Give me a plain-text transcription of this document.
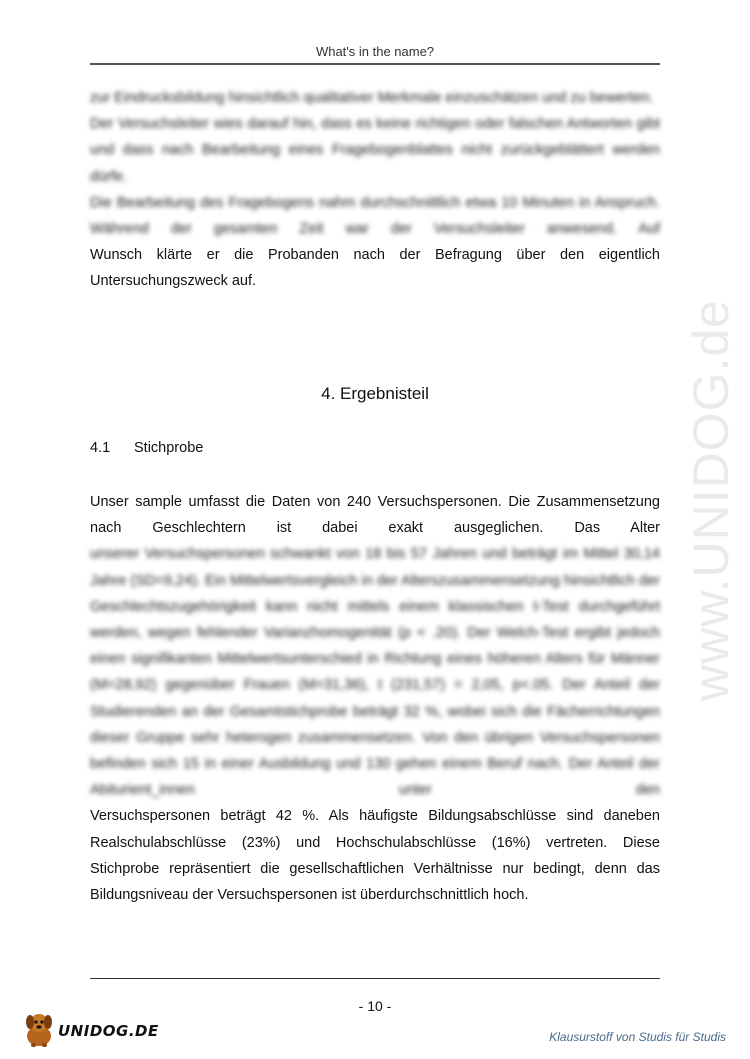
What's in the name?
www.UNIDOG.de
zur Eindrucksbildung hinsichtlich qualitativer Merkmale einzuschätzen und zu bewerten.
Der Versuchsleiter wies darauf hin, dass es keine richtigen oder falschen Antworten gibt und dass nach Bearbeitung eines Fragebogenblattes nicht zurückgeblättert werden dürfe.
Die Bearbeitung des Fragebogens nahm durchschnittlich etwa 10 Minuten in Anspruch. Während der gesamten Zeit war der Versuchsleiter anwesend. Auf
Wunsch klärte er die Probanden nach der Befragung über den eigentlich Untersuchungszweck auf.
4. Ergebnisteil
4.1 Stichprobe
Unser sample umfasst die Daten von 240 Versuchspersonen. Die Zusammensetzung nach Geschlechtern ist dabei exakt ausgeglichen. Das Alter
unserer Versuchspersonen schwankt von 18 bis 57 Jahren und beträgt im Mittel 30,14 Jahre (SD=9,24). Ein Mittelwertsvergleich in der Alterszusammensetzung hinsichtlich der Geschlechtszugehörigkeit kann nicht mittels einem klassischen t-Test durchgeführt werden, wegen fehlender Varianzhomogenität (p < .20). Der Welch-Test ergibt jedoch einen signifikanten Mittelwertsunterschied in Richtung eines höheren Alters für Männer (M=28,92) gegenüber Frauen (M=31,36), t (231,57) = 2,05, p<.05. Der Anteil der Studierenden an der Gesamtstichprobe beträgt 32 %, wobei sich die Fächerrichtungen dieser Gruppe sehr heterogen zusammensetzen. Von den übrigen Versuchspersonen befinden sich 15 in einer Ausbildung und 130 gehen einem Beruf nach. Der Anteil der Abiturient_innen unter den
Versuchspersonen beträgt 42 %. Als häufigste Bildungsabschlüsse sind daneben Realschulabschlüsse (23%) und Hochschulabschlüsse (16%) vertreten. Diese Stichprobe repräsentiert die gesellschaftlichen Verhältnisse nur bedingt, denn das Bildungsniveau der Versuchspersonen ist überdurchschnittlich hoch.
- 10 -
UNIDOG.DE	Klausurstoff von Studis für Studis
